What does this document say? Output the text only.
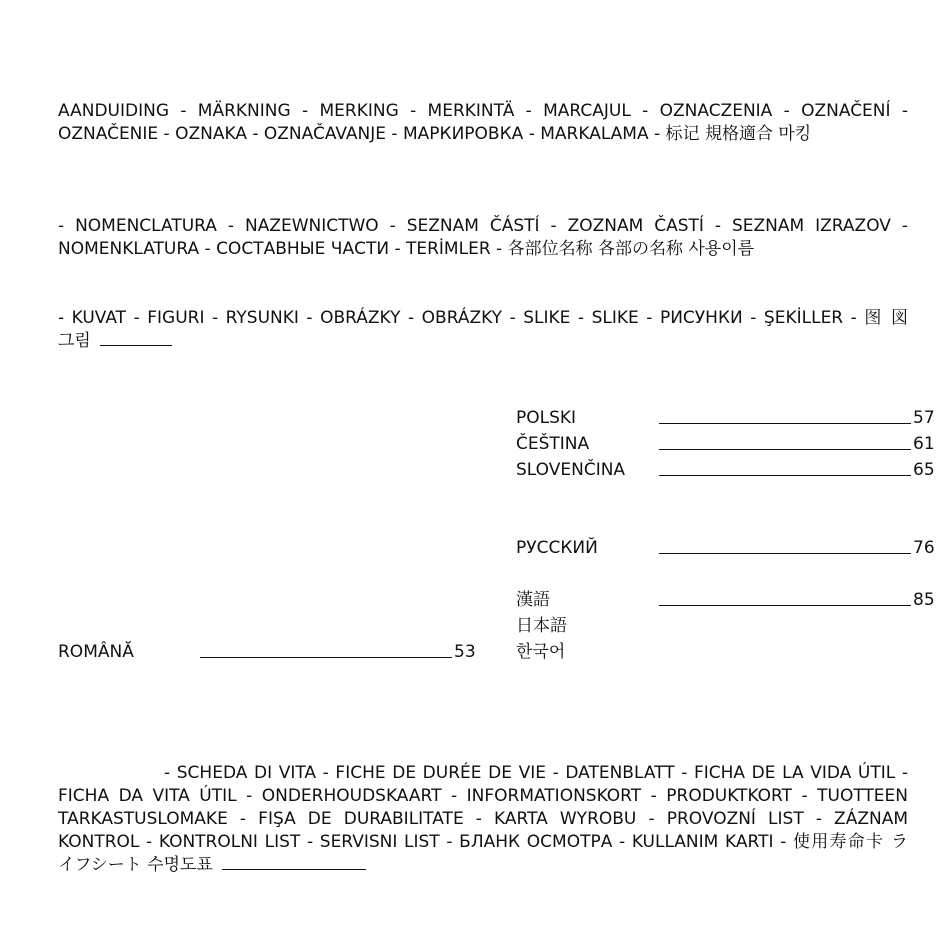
AANDUIDING - MÄRKNING - MERKING - MERKINTÄ - MARCAJUL - OZNACZENIA - OZNAČENÍ -
OZNAČENIE - OZNAKA - OZNAČAVANJE - МАРКИРОВКА - MARKALAMA - 标记 規格適合 마킹
- NOMENCLATURA - NAZEWNICTWO - SEZNAM ČÁSTÍ - ZOZNAM ČASTÍ - SEZNAM IZRAZOV -
NOMENKLATURA - СОСТАВНЫЕ ЧАСТИ - TERİMLER - 各部位名称 各部の名称 사용이름
- KUVAT - FIGURI - RYSUNKI - OBRÁZKY - OBRÁZKY - SLIKE - SLIKE - РИСУНКИ - ŞEKİLLER - 图 図
그림
ROMÂNĂ	53
POLSKI	57
ČEŠTINA	61
SLOVENČINA	65
РУССКИЙ	76
漢語	85
日本語
한국어
- SCHEDA DI VITA - FICHE DE DURÉE DE VIE - DATENBLATT - FICHA DE LA VIDA ÚTIL -
FICHA DA VITA ÚTIL - ONDERHOUDSKAART - INFORMATIONSKORT - PRODUKTKORT - TUOTTEEN
TARKASTUSLOMAKE - FIŞA DE DURABILITATE - KARTA WYROBU - PROVOZNÍ LIST - ZÁZNAM
KONTROL - KONTROLNI LIST - SERVISNI LIST - БЛАНК ОСМОТРА - KULLANIM KARTI - 使用寿命卡 ラ
イフシート 수명도표
